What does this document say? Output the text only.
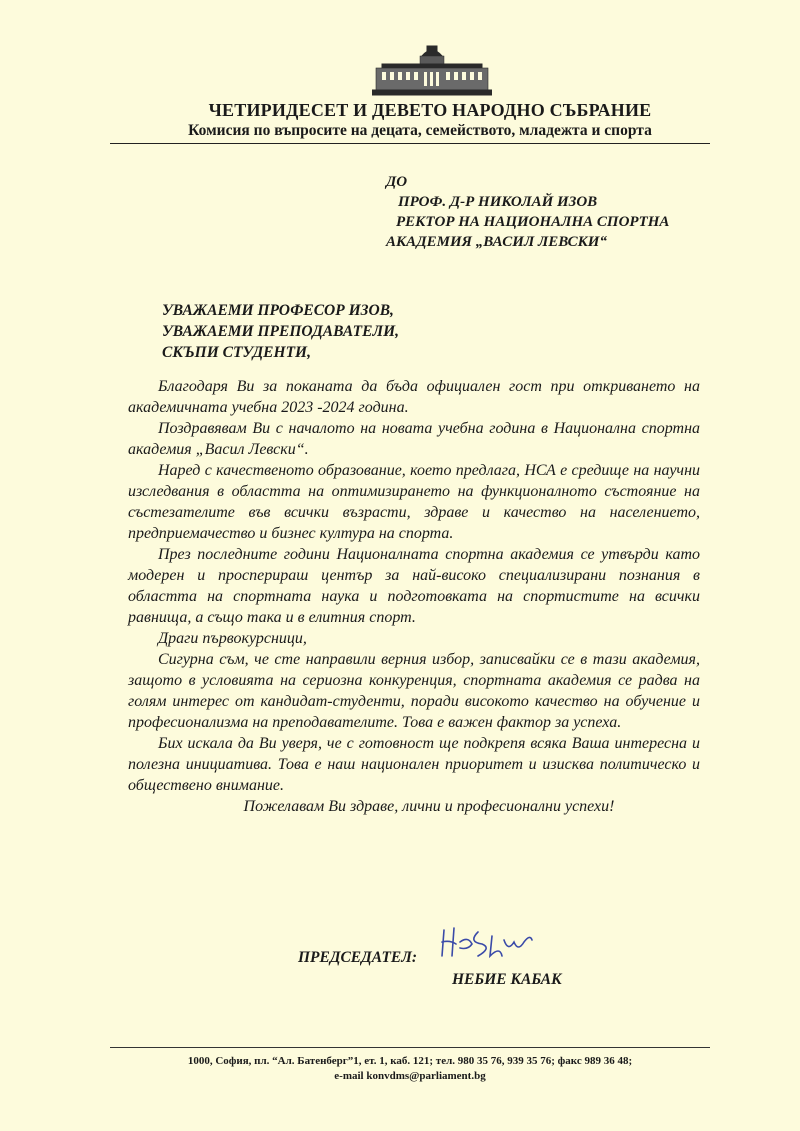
ЧЕТИРИДЕСЕТ И ДЕВЕТО НАРОДНО СЪБРАНИЕ
Комисия по въпросите на децата, семейството, младежта и спорта
ДО
ПРОФ. Д-Р НИКОЛАЙ ИЗОВ
РЕКТОР НА НАЦИОНАЛНА СПОРТНА
АКАДЕМИЯ „ВАСИЛ ЛЕВСКИ“
УВАЖАЕМИ ПРОФЕСОР ИЗОВ,
УВАЖАЕМИ ПРЕПОДАВАТЕЛИ,
СКЪПИ СТУДЕНТИ,

Благодаря Ви за поканата да бъда официален гост при откриването на академичната учебна 2023 -2024 година.

Поздравявам Ви с началото на новата учебна година в Национална спортна академия „Васил Левски“.

Наред с качественото образование, което предлага, НСА е средище на научни изследвания в областта на оптимизирането на функционалното състояние на състезателите във всички възрасти, здраве и качество на населението, предприемачество и бизнес култура на спорта.

През последните години Националната спортна академия се утвърди като модерен и просперираш център за най-високо специализирани познания в областта на спортната наука и подготовката на спортистите на всички равнища, а също така и в елитния спорт.

Драги първокурсници,

Сигурна съм, че сте направили верния избор, записвайки се в тази академия, защото в условията на сериозна конкуренция, спортната академия се радва на голям интерес от кандидат-студенти, поради високото качество на обучение и професионализма на преподавателите. Това е важен фактор за успеха.

Бих искала да Ви уверя, че с готовност ще подкрепя всяка Ваша интересна и полезна инициатива. Това е наш национален приоритет и изисква политическо и обществено внимание.

Пожелавам Ви здраве, лични и професионални успехи!

ПРЕДСЕДАТЕЛ:
НЕБИЕ КАБАК
1000, София, пл. “Ал. Батенберг”1, ет. 1, каб. 121; тел. 980 35 76, 939 35 76; факс 989 36 48;
e-mail konvdms@parliament.bg
